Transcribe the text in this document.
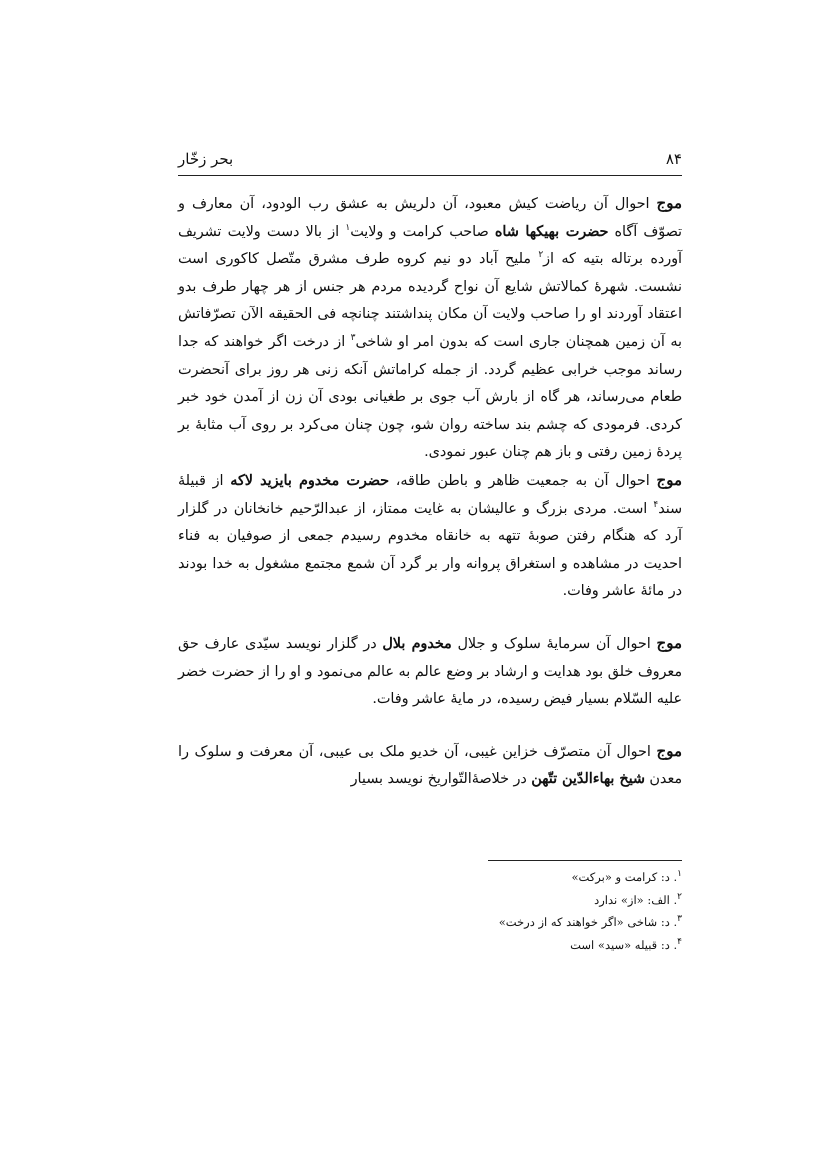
۸۴
بحر زخّار

موج احوال آن ریاضت کیش معبود، آن دلریش به عشق رب الودود، آن معارف و تصوّف آگاه حضرت بهیکها شاه صاحب کرامت و ولایت$^۱$ از بالا دست ولایت تشریف آورده برتاله بتیه که از$^۲$ ملیح آباد دو نیم کروه طرف مشرق متّصل کاکوری است نشست. شهرهٔ کمالاتش شایع آن نواح گردیده مردم هر جنس از هر چهار طرف بدو اعتقاد آوردند او را صاحب ولایت آن مکان پنداشتند چنانچه فی الحقیقه الآن تصرّفاتش به آن زمین همچنان جاری است که بدون امر او شاخی$^۳$ از درخت اگر خواهند که جدا رساند موجب خرابی عظیم گردد. از جمله کراماتش آنکه زنی هر روز برای آنحضرت طعام می‌رساند، هر گاه از بارش آب جوی بر طغیانی بودی آن زن از آمدن خود خبر کردی. فرمودی که چشم بند ساخته روان شو، چون چنان می‌کرد بر روی آب مثابهٔ بر پردهٔ زمین رفتی و باز هم چنان عبور نمودی.

موج احوال آن به جمعیت ظاهر و باطن طاقه، حضرت مخدوم بایزید لاکه از قبیلهٔ سند$^۴$ است. مردی بزرگ و عالیشان به غایت ممتاز، از عبدالرّحیم خانخانان در گلزار آرد که هنگام رفتن صوبهٔ تتهه به خانقاه مخدوم رسیدم جمعی از صوفیان به فناء احدیت در مشاهده و استغراق پروانه وار بر گرد آن شمع مجتمع مشغول به خدا بودند در مائهٔ عاشر وفات.

موج احوال آن سرمایهٔ سلوک و جلال مخدوم بلال در گلزار نویسد سیّدی عارف حق معروف خلق بود هدایت و ارشاد بر وضع عالم به عالم می‌نمود و او را از حضرت خضر علیه السّلام بسیار فیض رسیده، در مایهٔ عاشر وفات.

موج احوال آن متصرّف خزاین غیبی، آن خدیو ملک بی عیبی، آن معرفت و سلوک را معدن شیخ بهاءالدّین تتّهن در خلاصهٔ‌التّواریخ نویسد بسیار

$^۱$. د: کرامت و «برکت»
$^۲$. الف: «از» ندارد
$^۳$. د: شاخی «اگر خواهند که از درخت»
$^۴$. د: قبیله «سید» است
